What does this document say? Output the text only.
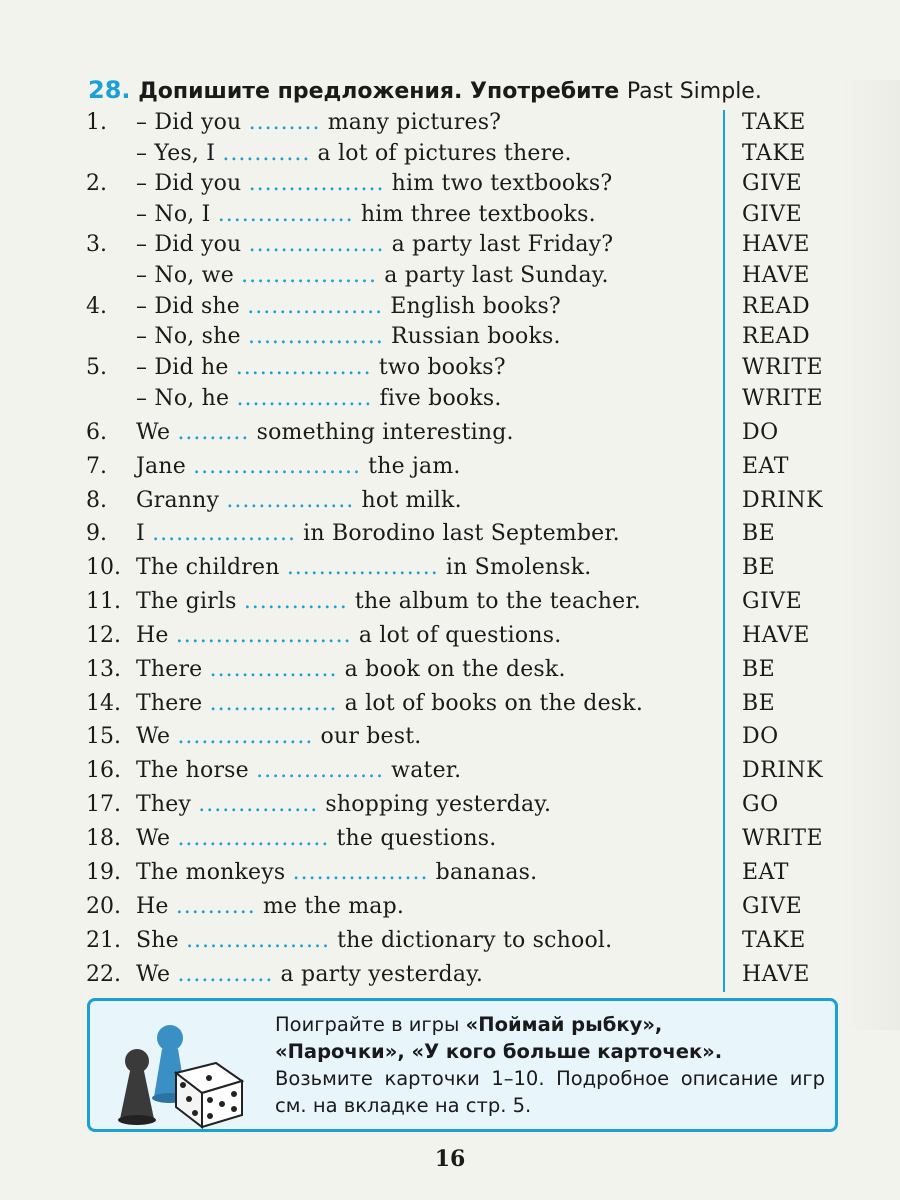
28. Допишите предложения. Употребите Past Simple.
1. – Did you ......... many pictures?	TAKE
– Yes, I ........... a lot of pictures there.	TAKE
2. – Did you ................. him two textbooks?	GIVE
– No, I ................. him three textbooks.	GIVE
3. – Did you ................. a party last Friday?	HAVE
– No, we ................. a party last Sunday.	HAVE
4. – Did she ................. English books?	READ
– No, she ................. Russian books.	READ
5. – Did he ................. two books?	WRITE
– No, he ................. five books.	WRITE
6. We ......... something interesting.	DO
7. Jane ..................... the jam.	EAT
8. Granny ................ hot milk.	DRINK
9. I .................. in Borodino last September.	BE
10. The children ................... in Smolensk.	BE
11. The girls ............. the album to the teacher.	GIVE
12. He ...................... a lot of questions.	HAVE
13. There ................ a book on the desk.	BE
14. There ................ a lot of books on the desk.	BE
15. We ................. our best.	DO
16. The horse ................ water.	DRINK
17. They ............... shopping yesterday.	GO
18. We ................... the questions.	WRITE
19. The monkeys ................. bananas.	EAT
20. He .......... me the map.	GIVE
21. She .................. the dictionary to school.	TAKE
22. We ............ a party yesterday.	HAVE
Поиграйте в игры «Поймай рыбку»,
«Парочки», «У кого больше карточек».
Возьмите карточки 1–10. Подробное описание игр см. на вкладке на стр. 5.
16
